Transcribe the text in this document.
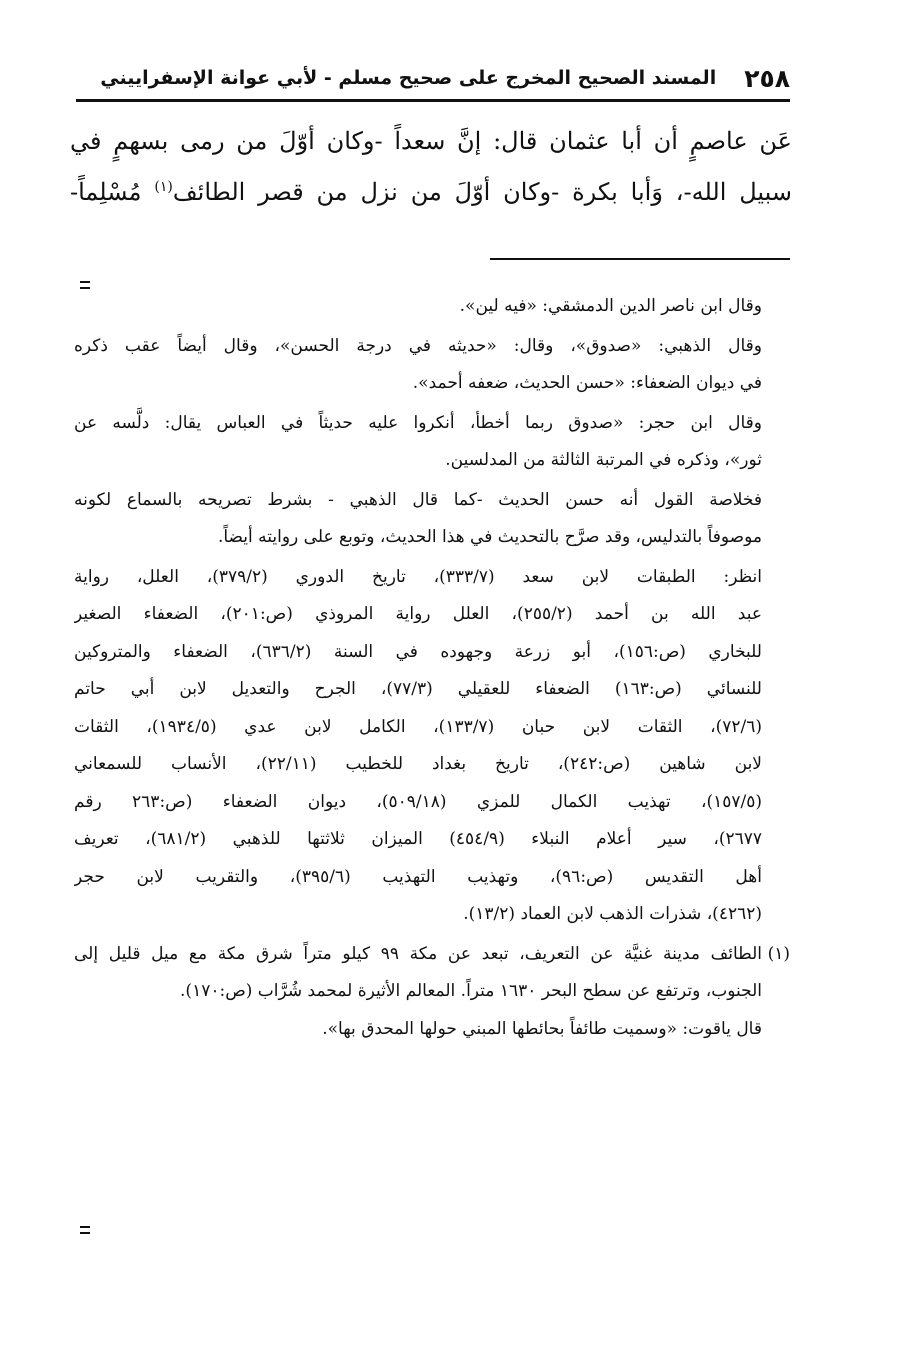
٢٥٨
المسند الصحيح المخرج على صحيح مسلم - لأبي عوانة الإسفراييني
عَن عاصمٍ أن أبا عثمان قال: إنَّ سعداً -وكان أوّلَ من رمى بسهمٍ في
سبيل الله-، وَأبا بكرة -وكان أوّلَ من نزل من قصر الطائف$^{(١)}$ مُسْلِماً-
وقال ابن ناصر الدين الدمشقي: «فيه لين».
وقال الذهبي: «صدوق»، وقال: «حديثه في درجة الحسن»، وقال أيضاً عقب ذكره
في ديوان الضعفاء: «حسن الحديث، ضعفه أحمد».
وقال ابن حجر: «صدوق ربما أخطأ، أنكروا عليه حديثاً في العباس يقال: دلَّسه عن
ثور»، وذكره في المرتبة الثالثة من المدلسين.
فخلاصة القول أنه حسن الحديث -كما قال الذهبي - بشرط تصريحه بالسماع لكونه
موصوفاً بالتدليس، وقد صرَّح بالتحديث في هذا الحديث، وتوبع على روايته أيضاً.
انظر: الطبقات لابن سعد (٣٣٣/٧)، تاريخ الدوري (٣٧٩/٢)، العلل، رواية
عبد الله بن أحمد (٢٥٥/٢)، العلل رواية المروذي (ص:٢٠١)، الضعفاء الصغير
للبخاري (ص:١٥٦)، أبو زرعة وجهوده في السنة (٦٣٦/٢)، الضعفاء والمتروكين
للنسائي (ص:١٦٣) الضعفاء للعقيلي (٧٧/٣)، الجرح والتعديل لابن أبي حاتم
(٧٢/٦)، الثقات لابن حبان (١٣٣/٧)، الكامل لابن عدي (١٩٣٤/٥)، الثقات
لابن شاهين (ص:٢٤٢)، تاريخ بغداد للخطيب (٢٢/١١)، الأنساب للسمعاني
(١٥٧/٥)، تهذيب الكمال للمزي (٥٠٩/١٨)، ديوان الضعفاء (ص:٢٦٣ رقم
٢٦٧٧)، سير أعلام النبلاء (٤٥٤/٩) الميزان ثلاثتها للذهبي (٦٨١/٢)، تعريف
أهل التقديس (ص:٩٦)، وتهذيب التهذيب (٣٩٥/٦)، والتقريب لابن حجر
(٤٢٦٢)، شذرات الذهب لابن العماد (١٣/٢).
(١)الطائف مدينة غنيَّة عن التعريف، تبعد عن مكة ٩٩ كيلو متراً شرق مكة مع ميل قليل إلى
الجنوب، وترتفع عن سطح البحر ١٦٣٠ متراً. المعالم الأثيرة لمحمد شُرَّاب (ص:١٧٠).
قال ياقوت: «وسميت طائفاً بحائطها المبني حولها المحدق بها».
